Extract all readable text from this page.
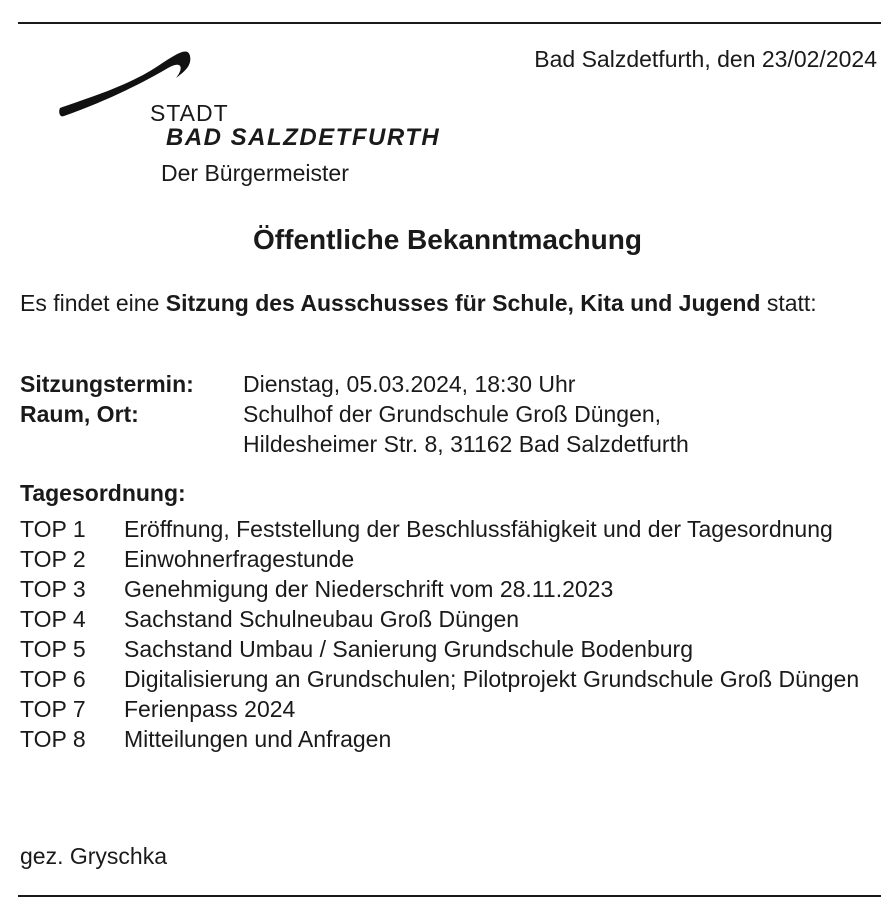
Bad Salzdetfurth, den 23/02/2024
STADT
BAD SALZDETFURTH
Der Bürgermeister
Öffentliche Bekanntmachung
Es findet eine Sitzung des Ausschusses für Schule, Kita und Jugend statt:
Sitzungstermin:	Dienstag, 05.03.2024, 18:30 Uhr
Raum, Ort:	Schulhof der Grundschule Groß Düngen,
Hildesheimer Str. 8, 31162 Bad Salzdetfurth
Tagesordnung:
TOP 1	Eröffnung, Feststellung der Beschlussfähigkeit und der Tagesordnung
TOP 2	Einwohnerfragestunde
TOP 3	Genehmigung der Niederschrift vom 28.11.2023
TOP 4	Sachstand Schulneubau Groß Düngen
TOP 5	Sachstand Umbau / Sanierung Grundschule Bodenburg
TOP 6	Digitalisierung an Grundschulen; Pilotprojekt Grundschule Groß Düngen
TOP 7	Ferienpass 2024
TOP 8	Mitteilungen und Anfragen
gez. Gryschka
